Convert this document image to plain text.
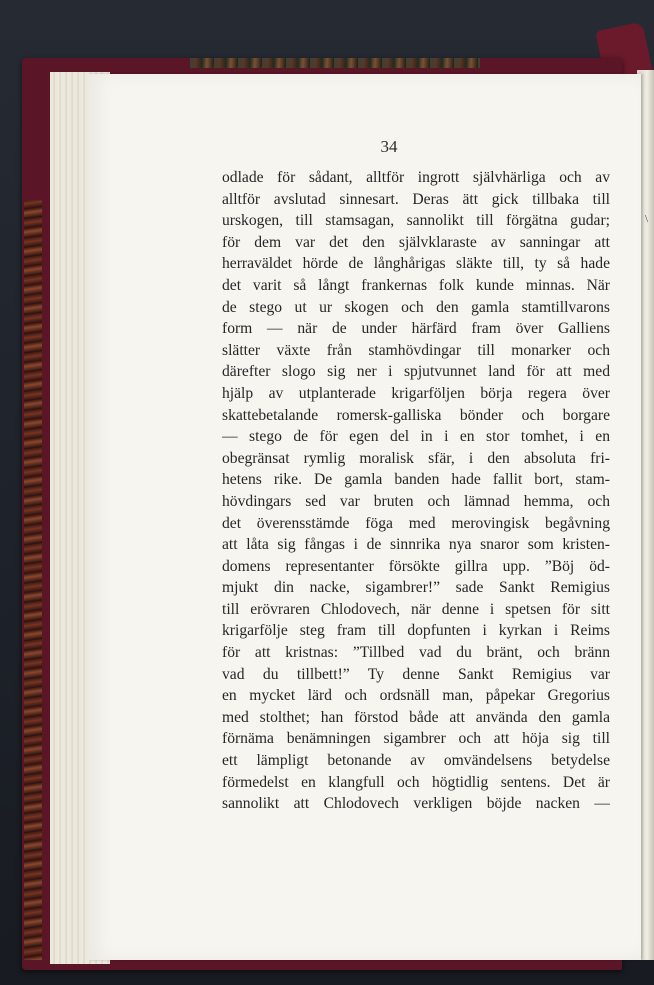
34
odlade för sådant, alltför ingrott självhärliga och av
alltför avslutad sinnesart. Deras ätt gick tillbaka till
urskogen, till stamsagan, sannolikt till förgätna gudar;
för dem var det den självklaraste av sanningar att
herraväldet hörde de långhårigas släkte till, ty så hade
det varit så långt frankernas folk kunde minnas. När
de stego ut ur skogen och den gamla stamtillvarons
form — när de under härfärd fram över Galliens
slätter växte från stamhövdingar till monarker och
därefter slogo sig ner i spjutvunnet land för att med
hjälp av utplanterade krigarföljen börja regera över
skattebetalande romersk-galliska bönder och borgare
— stego de för egen del in i en stor tomhet, i en
obegränsat rymlig moralisk sfär, i den absoluta fri-
hetens rike. De gamla banden hade fallit bort, stam-
hövdingars sed var bruten och lämnad hemma, och
det överensstämde föga med merovingisk begåvning
att låta sig fångas i de sinnrika nya snaror som kristen-
domens representanter försökte gillra upp. ”Böj öd-
mjukt din nacke, sigambrer!” sade Sankt Remigius
till erövraren Chlodovech, när denne i spetsen för sitt
krigarfölje steg fram till dopfunten i kyrkan i Reims
för att kristnas: ”Tillbed vad du bränt, och bränn
vad du tillbett!” Ty denne Sankt Remigius var
en mycket lärd och ordsnäll man, påpekar Gregorius
med stolthet; han förstod både att använda den gamla
förnäma benämningen sigambrer och att höja sig till
ett lämpligt betonande av omvändelsens betydelse
förmedelst en klangfull och högtidlig sentens. Det är
sannolikt att Chlodovech verkligen böjde nacken —
\
